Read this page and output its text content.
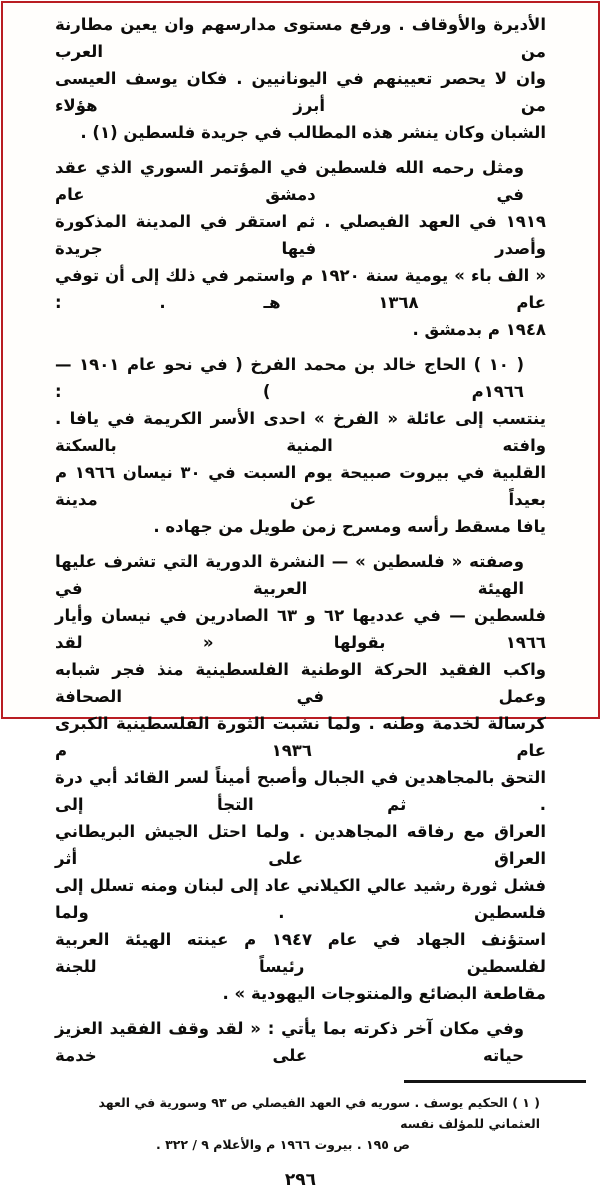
الأديرة والأوقاف . ورفع مستوى مدارسهم وان يعين مطارنة من العرب
وان لا يحصر تعيينهم في اليونانيين . فكان يوسف العيسى من أبرز هؤلاء
الشبان وكان ينشر هذه المطالب في جريدة فلسطين (١) .
ومثل رحمه الله فلسطين في المؤتمر السوري الذي عقد في دمشق عام
١٩١٩ في العهد الفيصلي . ثم استقر في المدينة المذكورة وأصدر فيها جريدة
« الف باء » يومية سنة ١٩٢٠ م واستمر في ذلك إلى أن توفي عام ١٣٦٨ هـ . :
١٩٤٨ م بدمشق .
( ١٠ ) الحاج خالد بن محمد الفرخ ( في نحو عام ١٩٠١ — ١٩٦٦م ) :
ينتسب إلى عائلة « الفرخ » احدى الأسر الكريمة في يافا . وافته المنية بالسكتة
القلبية في بيروت صبيحة يوم السبت في ٣٠ نيسان ١٩٦٦ م بعيداً عن مدينة
يافا مسقط رأسه ومسرح زمن طويل من جهاده .
وصفته « فلسطين » — النشرة الدورية التي تشرف عليها الهيئة العربية في
فلسطين — في عدديها ٦٢ و ٦٣ الصادرين في نيسان وأيار ١٩٦٦ بقولها « لقد
واكب الفقيد الحركة الوطنية الفلسطينية منذ فجر شبابه وعمل في الصحافة
كرسالة لخدمة وطنه . ولما نشبت الثورة الفلسطينية الكبرى عام ١٩٣٦ م
التحق بالمجاهدين في الجبال وأصبح أميناً لسر القائد أبي درة . ثم التجأ إلى
العراق مع رفاقه المجاهدين . ولما احتل الجيش البريطاني العراق على أثر
فشل ثورة رشيد عالي الكيلاني عاد إلى لبنان ومنه تسلل إلى فلسطين . ولما
استؤنف الجهاد في عام ١٩٤٧ م عينته الهيئة العربية لفلسطين رئيساً للجنة
مقاطعة البضائع والمنتوجات اليهودية » .
وفي مكان آخر ذكرته بما يأتي : « لقد وقف الفقيد العزيز حياته على خدمة
( ١ ) الحكيم يوسف . سوريه في العهد الفيصلي ص ٩٣ وسورية في العهد العثماني للمؤلف نفسه
ص ١٩٥ . بيروت ١٩٦٦ م والأعلام ٩ / ٣٢٢ .
٢٩٦
